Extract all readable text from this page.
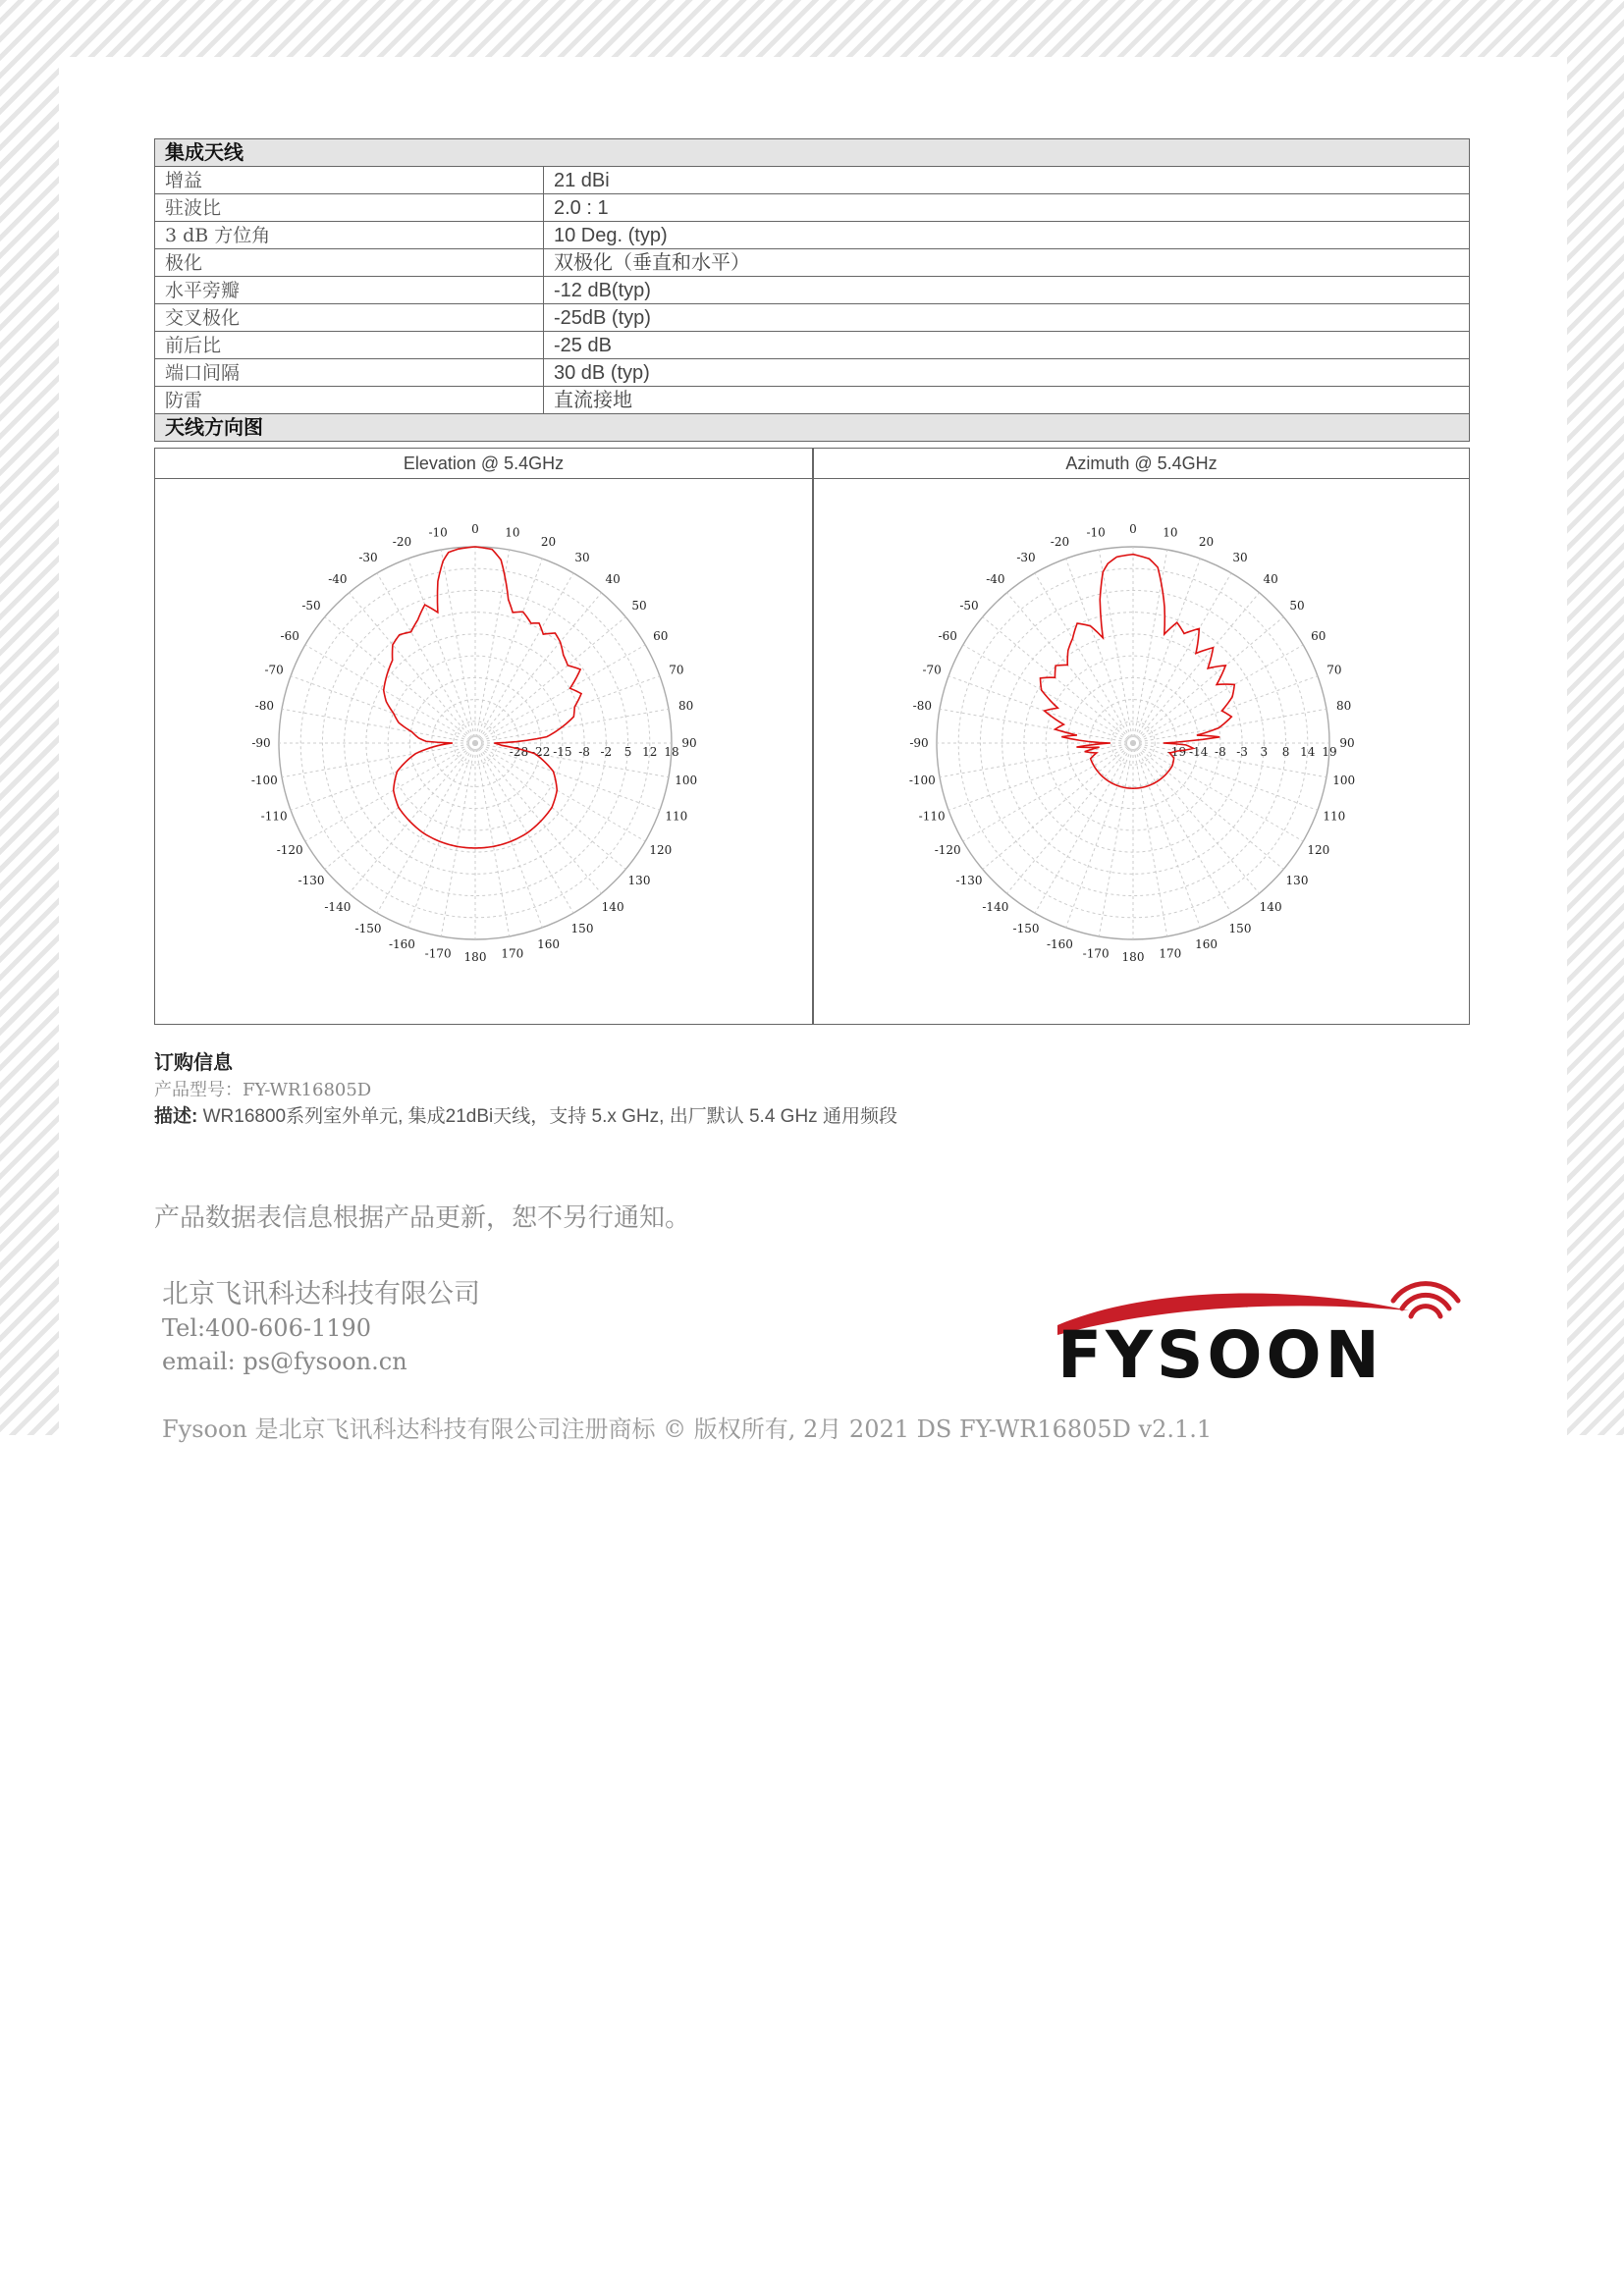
集成天线	
增益	21 dBi
驻波比	2.0 : 1
3 dB 方位角	10 Deg. (typ)
极化	双极化（垂直和水平）
水平旁瓣	-12 dB(typ)
交叉极化	-25dB (typ)
前后比	-25 dB
端口间隔	30 dB (typ)
防雷	直流接地
天线方向图	
Elevation @ 5.4GHz	Azimuth @ 5.4GHz
0 10
20
30
40
50
60
70
80
90
100
110
120
130
140
150
160
170
180
-170
-160
-150
-140
-130
-120
-110
-100
-90
-80
-70
-60
-50
-40
-30
-20
-10
-28 -22 -15 -8 -2 5 12 18
0 10
20
30
40
50
60
70
80
90
100
110
120
130
140
150
160
170
180
-170
-160
-150
-140
-130
-120
-110
-100
-90
-80
-70
-60
-50
-40
-30
-20
-10
-19 -14 -8 -3 3 8 14 19
订购信息
产品型号：FY-WR16805D
描述: WR16800系列室外单元, 集成21dBi天线，支持 5.x GHz, 出厂默认 5.4 GHz 通用频段
产品数据表信息根据产品更新，恕不另行通知。
北京飞讯科达科技有限公司
Tel:400-606-1190
email: ps@fysoon.cn	FYSOON
Fysoon 是北京飞讯科达科技有限公司注册商标 © 版权所有, 2月 2021 DS FY-WR16805D v2.1.1
